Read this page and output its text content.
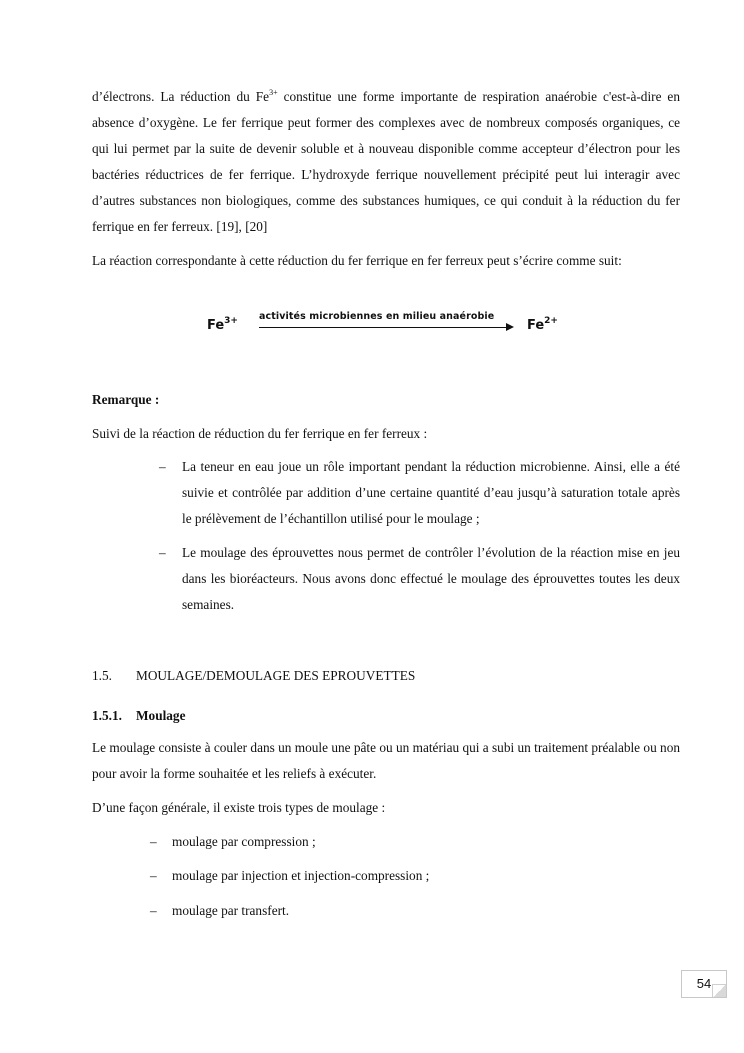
d’électrons. La réduction du $Fe^{3+}$ constitue une forme importante de respiration anaérobie c'est-à-dire en absence d’oxygène. Le fer ferrique peut former des complexes avec de nombreux composés organiques, ce qui lui permet par la suite de devenir soluble et à nouveau disponible comme accepteur d’électron pour les bactéries réductrices de fer ferrique. L’hydroxyde ferrique nouvellement précipité peut lui interagir avec d’autres substances non biologiques, comme des substances humiques, ce qui conduit à la réduction du fer ferrique en fer ferreux. [19], [20]
La réaction correspondante à cette réduction du fer ferrique en fer ferreux peut s’écrire comme suit:
$Fe^{3+}$ activités microbiennes en milieu anaérobie
$Fe^{2+}$
Remarque :
Suivi de la réaction de réduction du fer ferrique en fer ferreux :
– La teneur en eau joue un rôle important pendant la réduction microbienne. Ainsi, elle a été suivie et contrôlée par addition d’une certaine quantité d’eau jusqu’à saturation totale après le prélèvement de l’échantillon utilisé pour le moulage ;
– Le moulage des éprouvettes nous permet de contrôler l’évolution de la réaction mise en jeu dans les bioréacteurs. Nous avons donc effectué le moulage des éprouvettes toutes les deux semaines.
1.5. MOULAGE/DEMOULAGE DES EPROUVETTES
1.5.1. Moulage
Le moulage consiste à couler dans un moule une pâte ou un matériau qui a subi un traitement préalable ou non pour avoir la forme souhaitée et les reliefs à exécuter.
D’une façon générale, il existe trois types de moulage :
– moulage par compression ;
– moulage par injection et injection-compression ;
– moulage par transfert.
54
